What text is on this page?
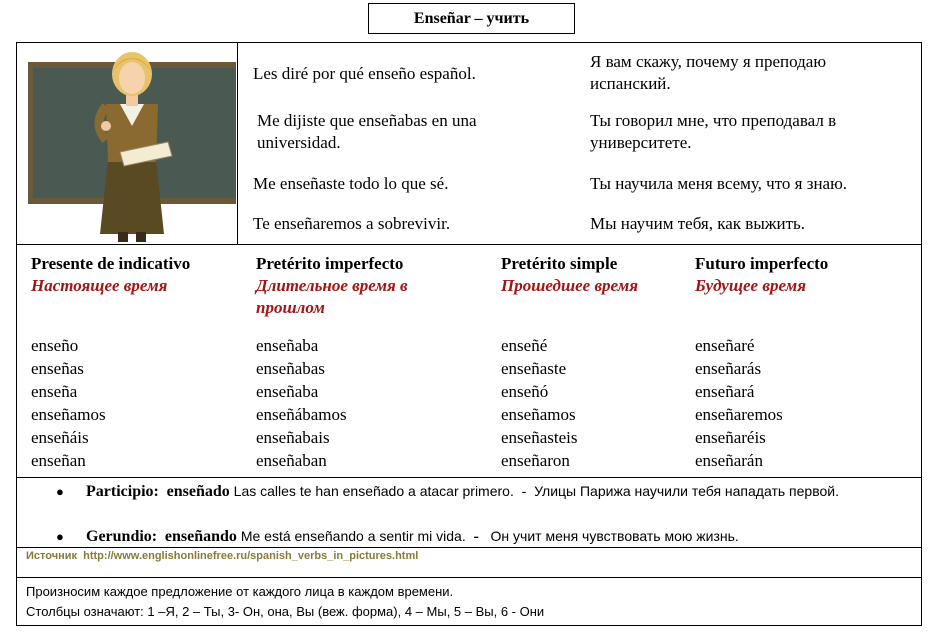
Enseñar – учить
Les diré por qué enseño español.
Я вам скажу, почему я преподаю испанский.
Me dijiste que enseñabas en una universidad.
Ты говорил мне, что преподавал в университете.
Me enseñaste todo lo que sé.	Ты научила меня всему, что я знаю.
Te enseñaremos a sobrevivir.	Мы научим тебя, как выжить.
Presente de indicativo
Настоящее время
Pretérito imperfecto
Длительное время в прошлом
Pretérito simple
Прошедшее время
Futuro imperfecto
Будущее время
enseño
enseñas
enseña
enseñamos
enseñáis
enseñan
enseñaba
enseñabas
enseñaba
enseñábamos
enseñabais
enseñaban
enseñé
enseñaste
enseñó
enseñamos
enseñasteis
enseñaron
enseñaré
enseñarás
enseñará
enseñaremos
enseñaréis
enseñarán
● Participio: enseñado Las calles te han enseñado a atacar primero. - Улицы Парижа научили тебя нападать первой.
● Gerundio: enseñando Me está enseñando a sentir mi vida. - Он учит меня чувствовать мою жизнь.
Источник http://www.englishonlinefree.ru/spanish_verbs_in_pictures.html
Произносим каждое предложение от каждого лица в каждом времени.
Столбцы означают: 1 –Я, 2 – Ты, 3- Он, она, Вы (веж. форма), 4 – Мы, 5 – Вы, 6 - Они
